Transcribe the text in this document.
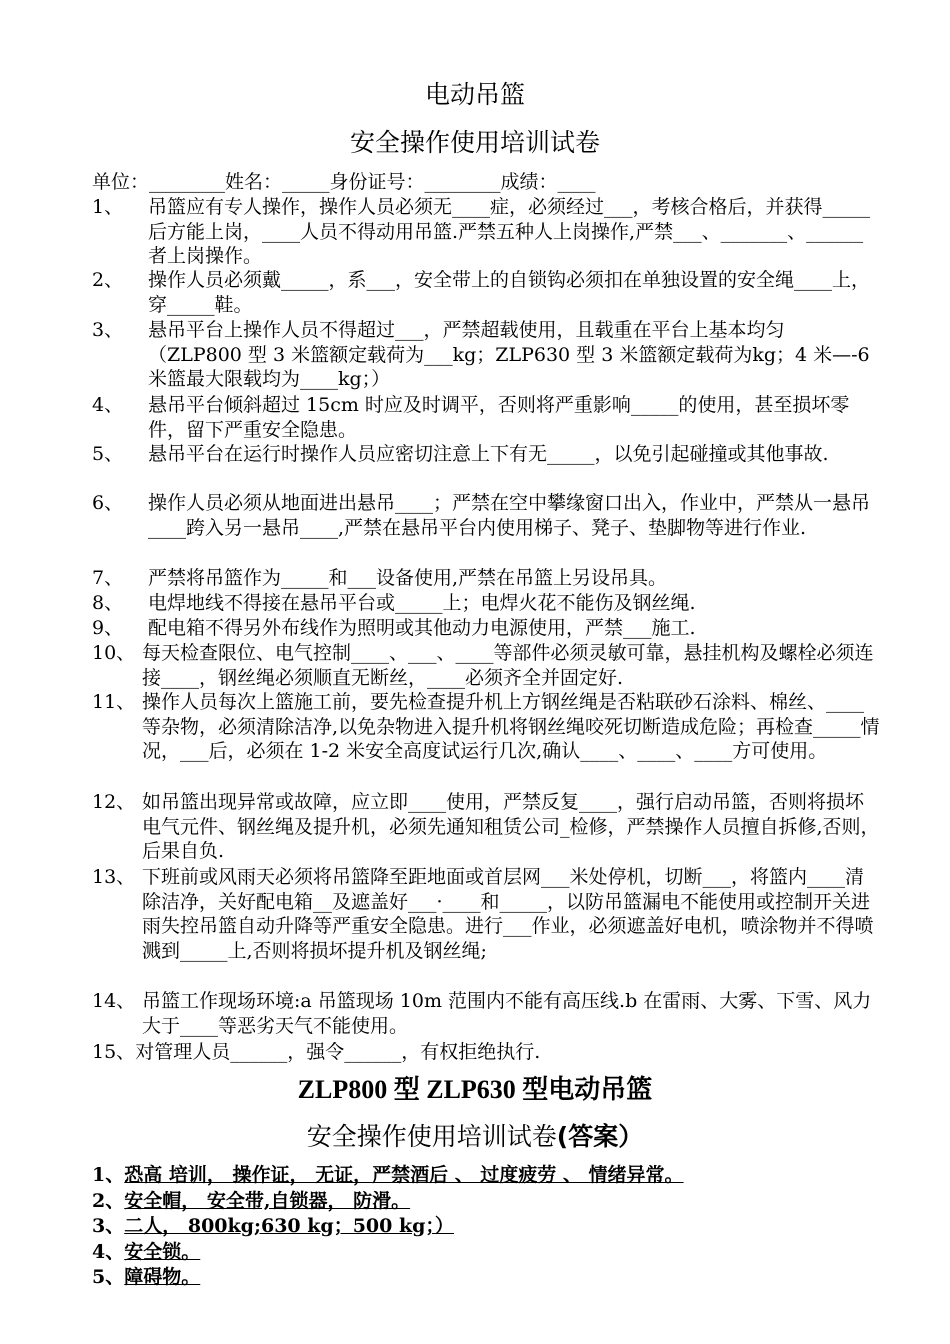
电动吊篮
安全操作使用培训试卷
单位：________姓名：_____身份证号：________成绩：____
1、 吊篮应有专人操作，操作人员必须无____症，必须经过___，考核合格后，并获得_____后方能上岗，____人员不得动用吊篮.严禁五种人上岗操作,严禁___、_______、______者上岗操作。
2、 操作人员必须戴_____，系___，安全带上的自锁钩必须扣在单独设置的安全绳____上，穿_____鞋。
3、 悬吊平台上操作人员不得超过___，严禁超载使用，且载重在平台上基本均匀（ZLP800 型 3 米篮额定载荷为___kg；ZLP630 型 3 米篮额定载荷为kg；4 米—-6 米篮最大限载均为____kg；）
4、 悬吊平台倾斜超过 15cm 时应及时调平，否则将严重影响_____的使用，甚至损坏零件，留下严重安全隐患。
5、 悬吊平台在运行时操作人员应密切注意上下有无_____，以免引起碰撞或其他事故.
6、 操作人员必须从地面进出悬吊____；严禁在空中攀缘窗口出入，作业中，严禁从一悬吊____跨入另一悬吊____,严禁在悬吊平台内使用梯子、凳子、垫脚物等进行作业.
7、 严禁将吊篮作为_____和___设备使用,严禁在吊篮上另设吊具。
8、 电焊地线不得接在悬吊平台或_____上；电焊火花不能伤及钢丝绳.
9、 配电箱不得另外布线作为照明或其他动力电源使用，严禁___施工.
10、 每天检查限位、电气控制____、___、____等部件必须灵敏可靠，悬挂机构及螺栓必须连接____，钢丝绳必须顺直无断丝，____必须齐全并固定好.
11、 操作人员每次上篮施工前，要先检查提升机上方钢丝绳是否粘联砂石涂料、棉丝、____等杂物，必须清除洁净,以免杂物进入提升机将钢丝绳咬死切断造成危险；再检查_____情况，___后，必须在 1-2 米安全高度试运行几次,确认____、____、____方可使用。
12、 如吊篮出现异常或故障，应立即____使用，严禁反复____，强行启动吊篮，否则将损坏电气元件、钢丝绳及提升机，必须先通知租赁公司_检修，严禁操作人员擅自拆修,否则，后果自负.
13、 下班前或风雨天必须将吊篮降至距地面或首层网___米处停机，切断___，将篮内____清除洁净，关好配电箱__及遮盖好___·____和_____，以防吊篮漏电不能使用或控制开关进雨失控吊篮自动升降等严重安全隐患。进行___作业，必须遮盖好电机，喷涂物并不得喷溅到_____上,否则将损坏提升机及钢丝绳;
14、 吊篮工作现场环境:a 吊篮现场 10m 范围内不能有高压线.b 在雷雨、大雾、下雪、风力大于____等恶劣天气不能使用。
15、对管理人员______，强令______，有权拒绝执行.
ZLP800 型 ZLP630 型电动吊篮
安全操作使用培训试卷(答案）
1、恐高 培训， 操作证， 无证，严禁酒后 、 过度疲劳 、 情绪异常。
2、安全帽， 安全带,自锁器， 防滑。
3、二人， 800kg;630 kg；500 kg；）
4、安全锁。
5、障碍物。
